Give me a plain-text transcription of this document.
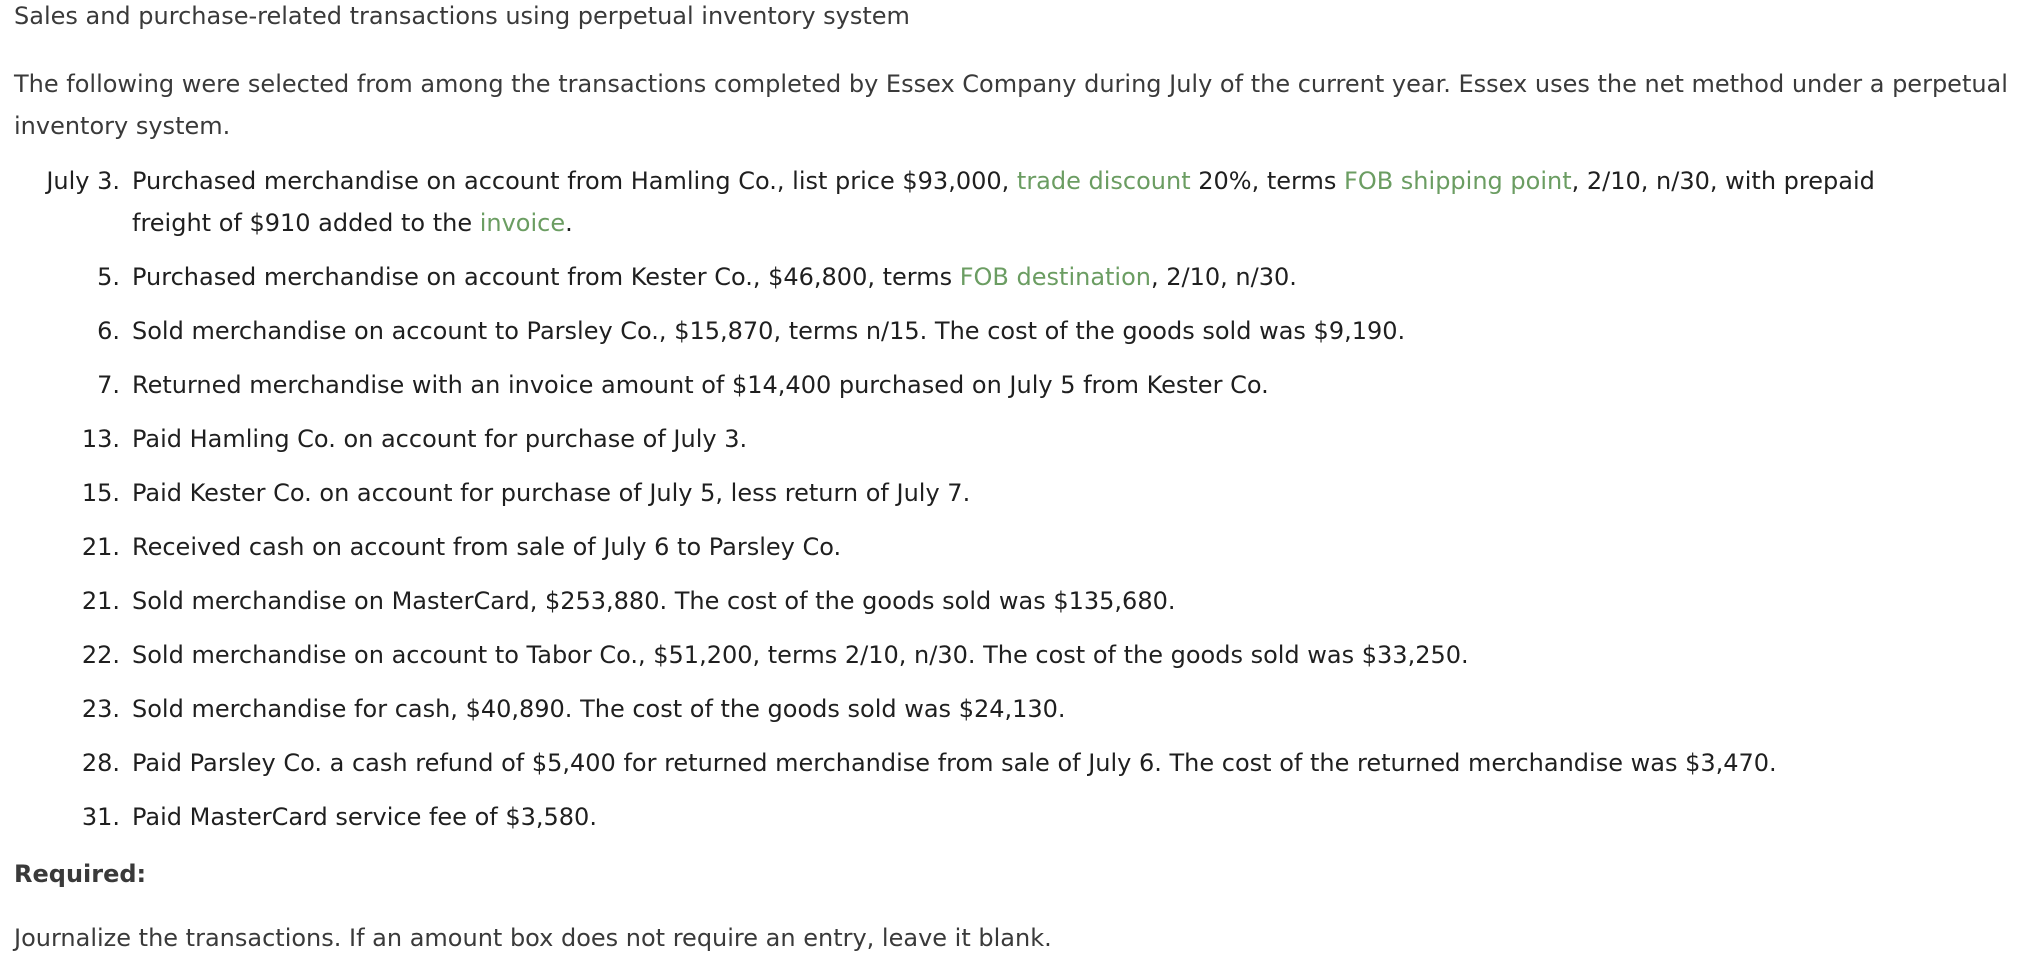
Sales and purchase-related transactions using perpetual inventory system
The following were selected from among the transactions completed by Essex Company during July of the current year. Essex uses the net method under a perpetual inventory system.
July 3. Purchased merchandise on account from Hamling Co., list price $93,000, trade discount 20%, terms FOB shipping point, 2/10, n/30, with prepaid freight of $910 added to the invoice.
5. Purchased merchandise on account from Kester Co., $46,800, terms FOB destination, 2/10, n/30.
6. Sold merchandise on account to Parsley Co., $15,870, terms n/15. The cost of the goods sold was $9,190.
7. Returned merchandise with an invoice amount of $14,400 purchased on July 5 from Kester Co.
13. Paid Hamling Co. on account for purchase of July 3.
15. Paid Kester Co. on account for purchase of July 5, less return of July 7.
21. Received cash on account from sale of July 6 to Parsley Co.
21. Sold merchandise on MasterCard, $253,880. The cost of the goods sold was $135,680.
22. Sold merchandise on account to Tabor Co., $51,200, terms 2/10, n/30. The cost of the goods sold was $33,250.
23. Sold merchandise for cash, $40,890. The cost of the goods sold was $24,130.
28. Paid Parsley Co. a cash refund of $5,400 for returned merchandise from sale of July 6. The cost of the returned merchandise was $3,470.
31. Paid MasterCard service fee of $3,580.
Required:
Journalize the transactions. If an amount box does not require an entry, leave it blank.
